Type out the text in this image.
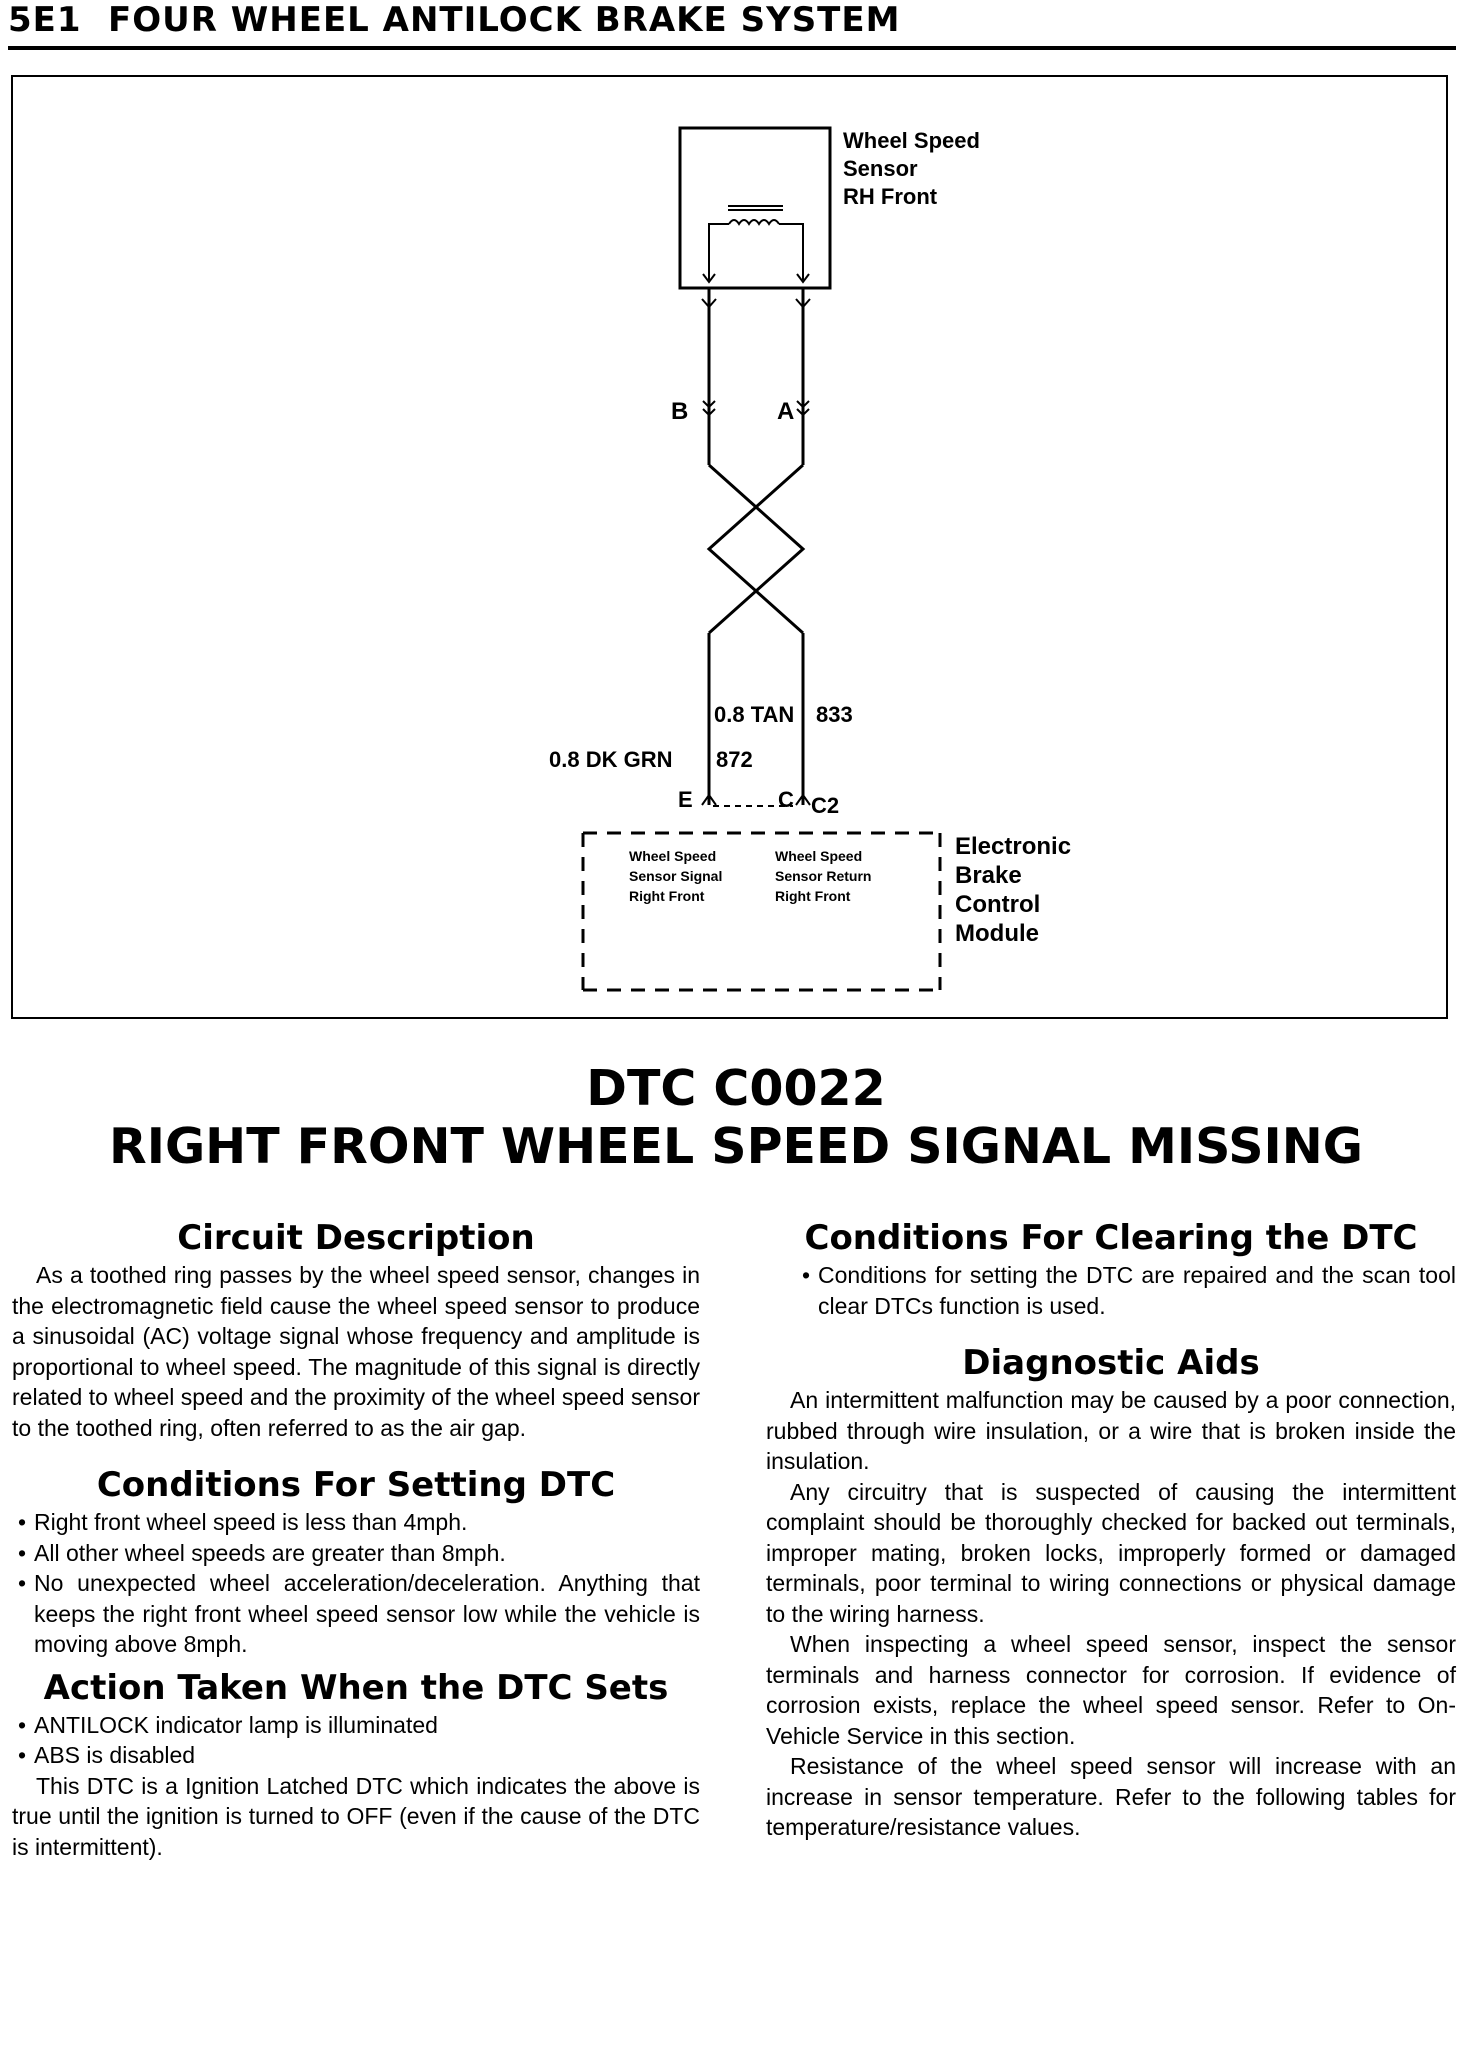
5E1 FOUR WHEEL ANTILOCK BRAKE SYSTEM
Wheel Speed Sensor RH Front
B	A
0.8 TAN 833
0.8 DK GRN 872
E	C C2
Wheel Speed Sensor Signal Right Front
Wheel Speed Sensor Return Right Front
Electronic Brake Control Module
DTC C0022
RIGHT FRONT WHEEL SPEED SIGNAL MISSING
Circuit Description

As a toothed ring passes by the wheel speed sensor, changes in the electromagnetic field cause the wheel speed sensor to produce a sinusoidal (AC) voltage signal whose frequency and amplitude is proportional to wheel speed. The magnitude of this signal is directly related to wheel speed and the proximity of the wheel speed sensor to the toothed ring, often referred to as the air gap.

Conditions For Setting DTC
• Right front wheel speed is less than 4mph.
• All other wheel speeds are greater than 8mph.
• No unexpected wheel acceleration/deceleration. Anything that keeps the right front wheel speed sensor low while the vehicle is moving above 8mph.
Action Taken When the DTC Sets
• ANTILOCK indicator lamp is illuminated
• ABS is disabled

This DTC is a Ignition Latched DTC which indicates the above is true until the ignition is turned to OFF (even if the cause of the DTC is intermittent).

Conditions For Clearing the DTC
• Conditions for setting the DTC are repaired and the scan tool clear DTCs function is used.
Diagnostic Aids

An intermittent malfunction may be caused by a poor connection, rubbed through wire insulation, or a wire that is broken inside the insulation.

Any circuitry that is suspected of causing the intermittent complaint should be thoroughly checked for backed out terminals, improper mating, broken locks, improperly formed or damaged terminals, poor terminal to wiring connections or physical damage to the wiring harness.

When inspecting a wheel speed sensor, inspect the sensor terminals and harness connector for corrosion. If evidence of corrosion exists, replace the wheel speed sensor. Refer to On-Vehicle Service in this section.

Resistance of the wheel speed sensor will increase with an increase in sensor temperature. Refer to the following tables for temperature/resistance values.
